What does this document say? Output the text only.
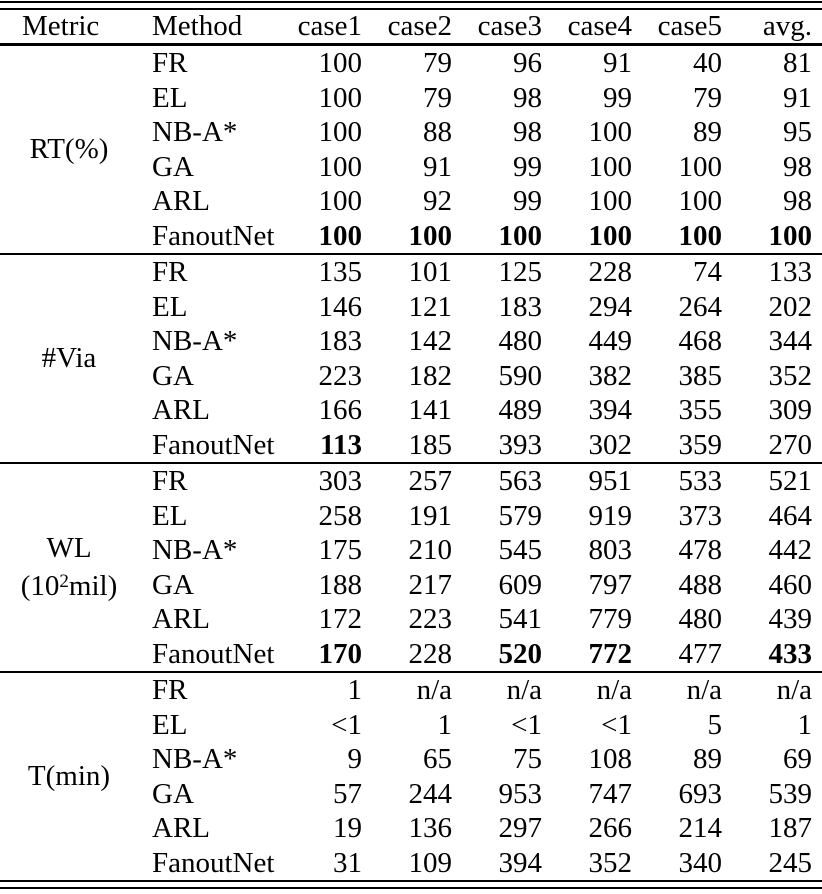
Metric	Method	case1	case2	case3	case4	case5	avg.

RT(%)	FR	100	79	96	91	40	81
	EL	100	79	98	99	79	91
	NB-A*	100	88	98	100	89	95
	GA	100	91	99	100	100	98
	ARL	100	92	99	100	100	98
	FanoutNet	100	100	100	100	100	100

#Via	FR	135	101	125	228	74	133
	EL	146	121	183	294	264	202
	NB-A*	183	142	480	449	468	344
	GA	223	182	590	382	385	352
	ARL	166	141	489	394	355	309
	FanoutNet	113	185	393	302	359	270

WL
$(10^2mil)$	FR	303	257	563	951	533	521
	EL	258	191	579	919	373	464
	NB-A*	175	210	545	803	478	442
	GA	188	217	609	797	488	460
	ARL	172	223	541	779	480	439
	FanoutNet	170	228	520	772	477	433

T(min)	FR	1	n/a	n/a	n/a	n/a	n/a
	EL	<1	1	<1	<1	5	1
	NB-A*	9	65	75	108	89	69
	GA	57	244	953	747	693	539
	ARL	19	136	297	266	214	187
	FanoutNet	31	109	394	352	340	245
